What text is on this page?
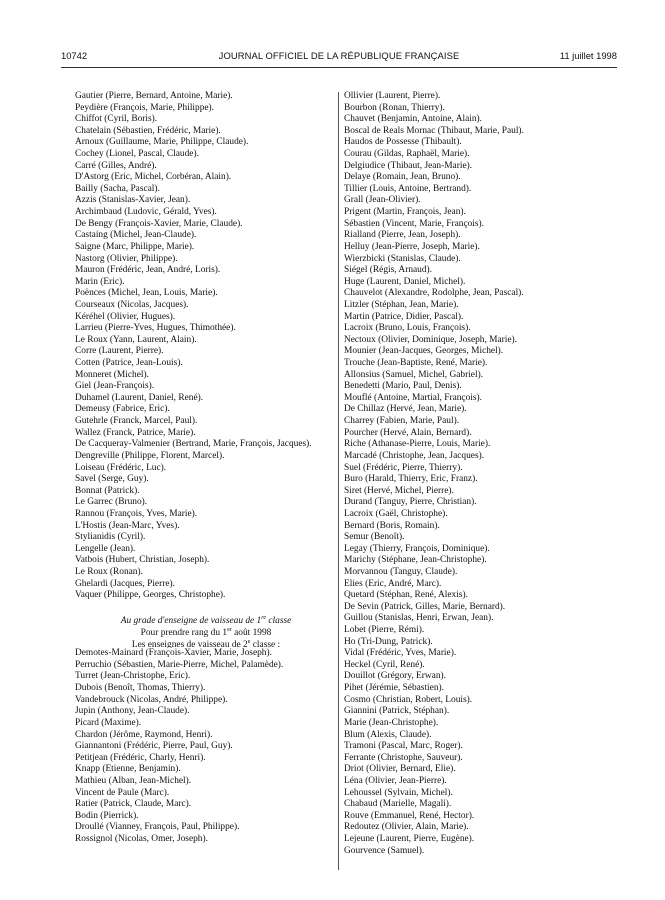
10742	JOURNAL OFFICIEL DE LA RÉPUBLIQUE FRANÇAISE	11 juillet 1998
Gautier (Pierre, Bernard, Antoine, Marie).
Peydière (François, Marie, Philippe).
Chiffot (Cyril, Boris).
Chatelain (Sébastien, Frédéric, Marie).
Arnoux (Guillaume, Marie, Philippe, Claude).
Cochey (Lionel, Pascal, Claude).
Carré (Gilles, André).
D'Astorg (Eric, Michel, Corbéran, Alain).
Bailly (Sacha, Pascal).
Azzis (Stanislas-Xavier, Jean).
Archimbaud (Ludovic, Gérald, Yves).
De Bengy (François-Xavier, Marie, Claude).
Castaing (Michel, Jean-Claude).
Saigne (Marc, Philippe, Marie).
Nastorg (Olivier, Philippe).
Mauron (Frédéric, Jean, André, Loris).
Marin (Eric).
Poënces (Michel, Jean, Louis, Marie).
Courseaux (Nicolas, Jacques).
Kéréhel (Olivier, Hugues).
Larrieu (Pierre-Yves, Hugues, Thimothée).
Le Roux (Yann, Laurent, Alain).
Corre (Laurent, Pierre).
Cotten (Patrice, Jean-Louis).
Monneret (Michel).
Giel (Jean-François).
Duhamel (Laurent, Daniel, René).
Demeusy (Fabrice, Eric).
Gutehrle (Franck, Marcel, Paul).
Wallez (Franck, Patrice, Marie).
De Cacqueray-Valmenier (Bertrand, Marie, François, Jacques).
Dengreville (Philippe, Florent, Marcel).
Loiseau (Frédéric, Luc).
Savel (Serge, Guy).
Bonnat (Patrick).
Le Garrec (Bruno).
Rannou (François, Yves, Marie).
L'Hostis (Jean-Marc, Yves).
Stylianidis (Cyril).
Lengelle (Jean).
Vatbois (Hubert, Christian, Joseph).
Le Roux (Ronan).
Ghelardi (Jacques, Pierre).
Vaquer (Philippe, Georges, Christophe).
Au grade d'enseigne de vaisseau de 1re classe
Pour prendre rang du 1er août 1998
Les enseignes de vaisseau de 2e classe :
Demotes-Mainard (François-Xavier, Marie, Joseph).
Perruchio (Sébastien, Marie-Pierre, Michel, Palamède).
Turret (Jean-Christophe, Eric).
Dubois (Benoît, Thomas, Thierry).
Vandebrouck (Nicolas, André, Philippe).
Jupin (Anthony, Jean-Claude).
Picard (Maxime).
Chardon (Jérôme, Raymond, Henri).
Giannantoni (Frédéric, Pierre, Paul, Guy).
Petitjean (Frédéric, Charly, Henri).
Knapp (Etienne, Benjamin).
Mathieu (Alban, Jean-Michel).
Vincent de Paule (Marc).
Ratier (Patrick, Claude, Marc).
Bodin (Pierrick).
Droullé (Vianney, François, Paul, Philippe).
Rossignol (Nicolas, Omer, Joseph).
Ollivier (Laurent, Pierre).
Bourbon (Ronan, Thierry).
Chauvet (Benjamin, Antoine, Alain).
Boscal de Reals Mornac (Thibaut, Marie, Paul).
Haudos de Possesse (Thibault).
Courau (Gildas, Raphaël, Marie).
Delgiudice (Thibaut, Jean-Marie).
Delaye (Romain, Jean, Bruno).
Tillier (Louis, Antoine, Bertrand).
Grall (Jean-Olivier).
Prigent (Martin, François, Jean).
Sébastien (Vincent, Marie, François).
Rialland (Pierre, Jean, Joseph).
Helluy (Jean-Pierre, Joseph, Marie).
Wierzbicki (Stanislas, Claude).
Siégel (Régis, Arnaud).
Huge (Laurent, Daniel, Michel).
Chauvelot (Alexandre, Rodolphe, Jean, Pascal).
Litzler (Stéphan, Jean, Marie).
Martin (Patrice, Didier, Pascal).
Lacroix (Bruno, Louis, François).
Nectoux (Olivier, Dominique, Joseph, Marie).
Mounier (Jean-Jacques, Georges, Michel).
Trouche (Jean-Baptiste, René, Marie).
Allonsius (Samuel, Michel, Gabriel).
Benedetti (Mario, Paul, Denis).
Mouflé (Antoine, Martial, François).
De Chillaz (Hervé, Jean, Marie).
Charrey (Fabien, Marie, Paul).
Pourcher (Hervé, Alain, Bernard).
Riche (Athanase-Pierre, Louis, Marie).
Marcadé (Christophe, Jean, Jacques).
Suel (Frédéric, Pierre, Thierry).
Buro (Harald, Thierry, Eric, Franz).
Siret (Hervé, Michel, Pierre).
Durand (Tanguy, Pierre, Christian).
Lacroix (Gaël, Christophe).
Bernard (Boris, Romain).
Semur (Benoît).
Legay (Thierry, François, Dominique).
Marichy (Stéphane, Jean-Christophe).
Morvannou (Tanguy, Claude).
Elies (Eric, André, Marc).
Quetard (Stéphan, René, Alexis).
De Sevin (Patrick, Gilles, Marie, Bernard).
Guillou (Stanislas, Henri, Erwan, Jean).
Lobet (Pierre, Rémi).
Ho (Tri-Dung, Patrick).
Vidal (Frédéric, Yves, Marie).
Heckel (Cyril, René).
Douillot (Grégory, Erwan).
Pihet (Jérémie, Sébastien).
Cosmo (Christian, Robert, Louis).
Giannini (Patrick, Stéphan).
Marie (Jean-Christophe).
Blum (Alexis, Claude).
Tramoni (Pascal, Marc, Roger).
Ferrante (Christophe, Sauveur).
Driot (Olivier, Bernard, Elie).
Léna (Olivier, Jean-Pierre).
Lehoussel (Sylvain, Michel).
Chabaud (Marielle, Magali).
Rouve (Emmanuel, René, Hector).
Redoutez (Olivier, Alain, Marie).
Lejeune (Laurent, Pierre, Eugène).
Gourvence (Samuel).
